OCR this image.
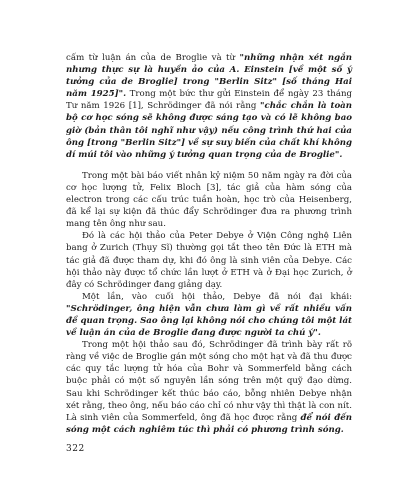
cấm từ luận án của de Broglie và từ "những nhận xét ngắn nhưng thực sự là huyền ảo của A. Einstein [về một số ý tưởng của de Broglie] trong "Berlin Sitz" [số tháng Hai năm 1925]". Trong một bức thư gửi Einstein để ngày 23 tháng Tư năm 1926 [1], Schrödinger đã nói rằng "chắc chắn là toàn bộ cơ học sóng sẽ không được sáng tạo và có lẽ không bao giờ (bản thân tôi nghĩ như vậy) nếu công trình thứ hai của ông [trong "Berlin Sitz"] về sự suy biến của chất khí không dí múi tôi vào những ý tưởng quan trọng của de Broglie".

Trong một bài báo viết nhân kỷ niệm 50 năm ngày ra đời của cơ học lượng tử, Felix Bloch [3], tác giả của hàm sóng của electron trong các cấu trúc tuần hoàn, học trò của Heisenberg, đã kể lại sự kiện đã thúc đẩy Schrödinger đưa ra phương trình mang tên ông như sau.

Đó là các hội thảo của Peter Debye ở Viện Công nghệ Liên bang ở Zurich (Thụy Sĩ) thường gọi tắt theo tên Đức là ETH mà tác giả đã được tham dự, khi đó ông là sinh viên của Debye. Các hội thảo này được tổ chức lần lượt ở ETH và ở Đại học Zurich, ở đây có Schrödinger đang giảng dạy.

Một lần, vào cuối hội thảo, Debye đã nói đại khái: "Schrödinger, ông hiện vẫn chưa làm gì về rất nhiều vấn đề quan trọng. Sao ông lại không nói cho chúng tôi một lát về luận án của de Broglie đang được người ta chú ý".

Trong một hội thảo sau đó, Schrödinger đã trình bày rất rõ ràng về việc de Broglie gán một sóng cho một hạt và đã thu được các quy tắc lượng tử hóa của Bohr và Sommerfeld bằng cách buộc phải có một số nguyên lần sóng trên một quỹ đạo dừng. Sau khi Schrödinger kết thúc báo cáo, bỗng nhiên Debye nhận xét rằng, theo ông, nếu báo cáo chỉ có như vậy thì thật là con nít. Là sinh viên của Sommerfeld, ông đã học được rằng để nói đến sóng một cách nghiêm túc thì phải có phương trình sóng.

322
